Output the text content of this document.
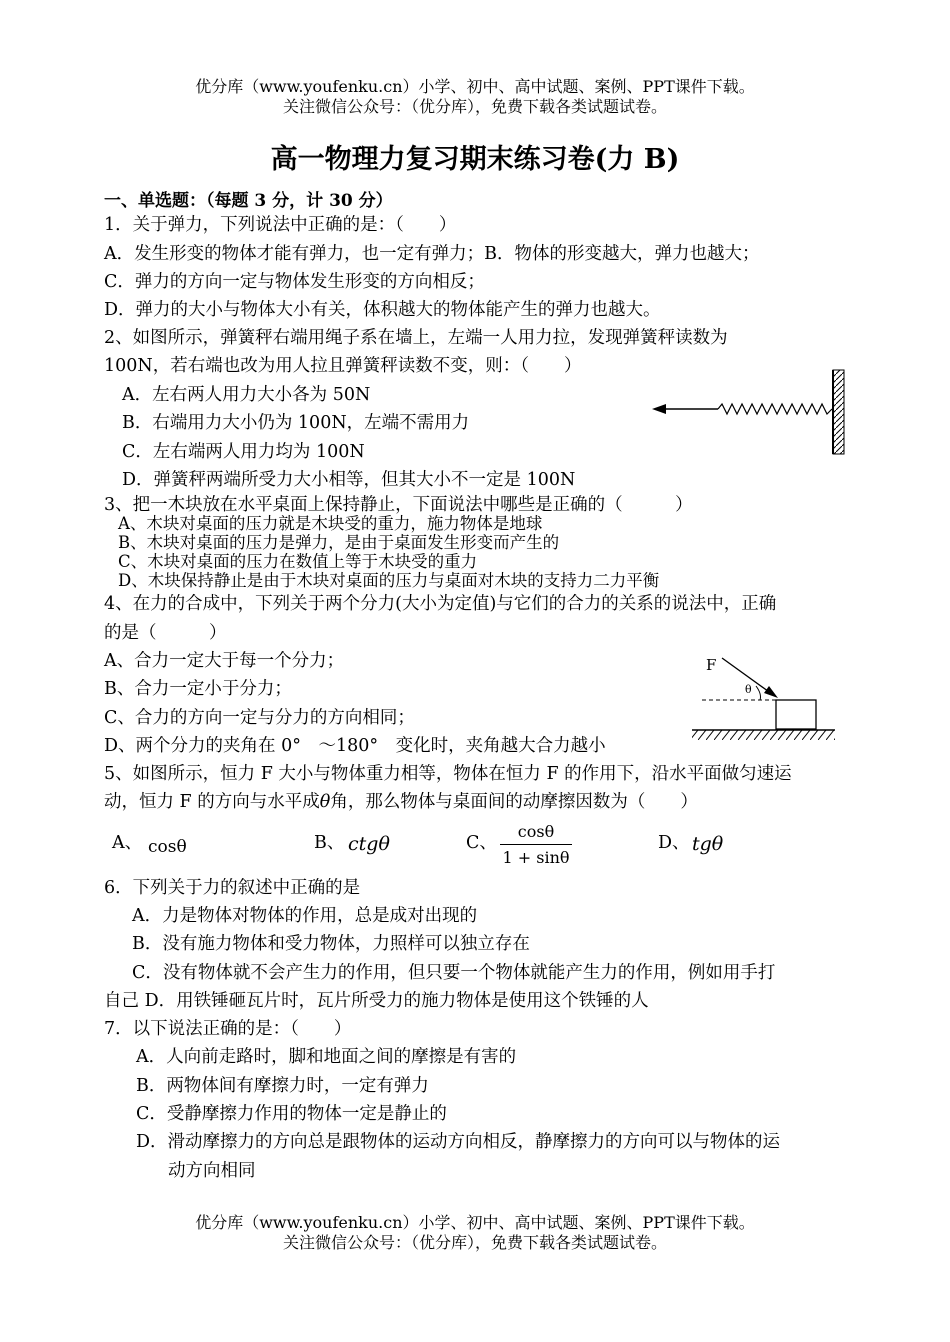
优分库（www.youfenku.cn）小学、初中、高中试题、案例、PPT课件下载。
关注微信公众号：（优分库），免费下载各类试题试卷。
高一物理力复习期末练习卷(力 B)
一、单选题：（每题 3 分，计 30 分）
1．关于弹力，下列说法中正确的是：（　　）
A．发生形变的物体才能有弹力，也一定有弹力；B．物体的形变越大，弹力也越大；
C．弹力的方向一定与物体发生形变的方向相反；
D．弹力的大小与物体大小有关，体积越大的物体能产生的弹力也越大。
2、如图所示，弹簧秤右端用绳子系在墙上，左端一人用力拉，发现弹簧秤读数为
100N，若右端也改为用人拉且弹簧秤读数不变，则：（　　）
A．左右两人用力大小各为 50N
B．右端用力大小仍为 100N，左端不需用力
C．左右端两人用力均为 100N
D．弹簧秤两端所受力大小相等，但其大小不一定是 100N
3、把一木块放在水平桌面上保持静止，下面说法中哪些是正确的（　　　）
A、木块对桌面的压力就是木块受的重力，施力物体是地球
B、木块对桌面的压力是弹力，是由于桌面发生形变而产生的
C、木块对桌面的压力在数值上等于木块受的重力
D、木块保持静止是由于木块对桌面的压力与桌面对木块的支持力二力平衡
4、在力的合成中，下列关于两个分力(大小为定值)与它们的合力的关系的说法中，正确
的是（　　　）
A、合力一定大于每一个分力；
B、合力一定小于分力；
C、合力的方向一定与分力的方向相同；
D、两个分力的夹角在 0°　～180°　变化时，夹角越大合力越小
F
θ
5、如图所示，恒力 F 大小与物体重力相等，物体在恒力 F 的作用下，沿水平面做匀速运
动，恒力 F 的方向与水平成θ角，那么物体与桌面间的动摩擦因数为（　　）
A、 cosθ	B、 ctgθ	C、 $\frac{\cos\theta}{1 + \sin\theta}$	D、 tgθ
6．下列关于力的叙述中正确的是
A．力是物体对物体的作用，总是成对出现的
B．没有施力物体和受力物体，力照样可以独立存在
C．没有物体就不会产生力的作用，但只要一个物体就能产生力的作用，例如用手打
自己 D．用铁锤砸瓦片时，瓦片所受力的施力物体是使用这个铁锤的人
7．以下说法正确的是：（　　）
A．人向前走路时，脚和地面之间的摩擦是有害的
B．两物体间有摩擦力时，一定有弹力
C．受静摩擦力作用的物体一定是静止的
D．滑动摩擦力的方向总是跟物体的运动方向相反，静摩擦力的方向可以与物体的运
动方向相同
优分库（www.youfenku.cn）小学、初中、高中试题、案例、PPT课件下载。
关注微信公众号：（优分库），免费下载各类试题试卷。
